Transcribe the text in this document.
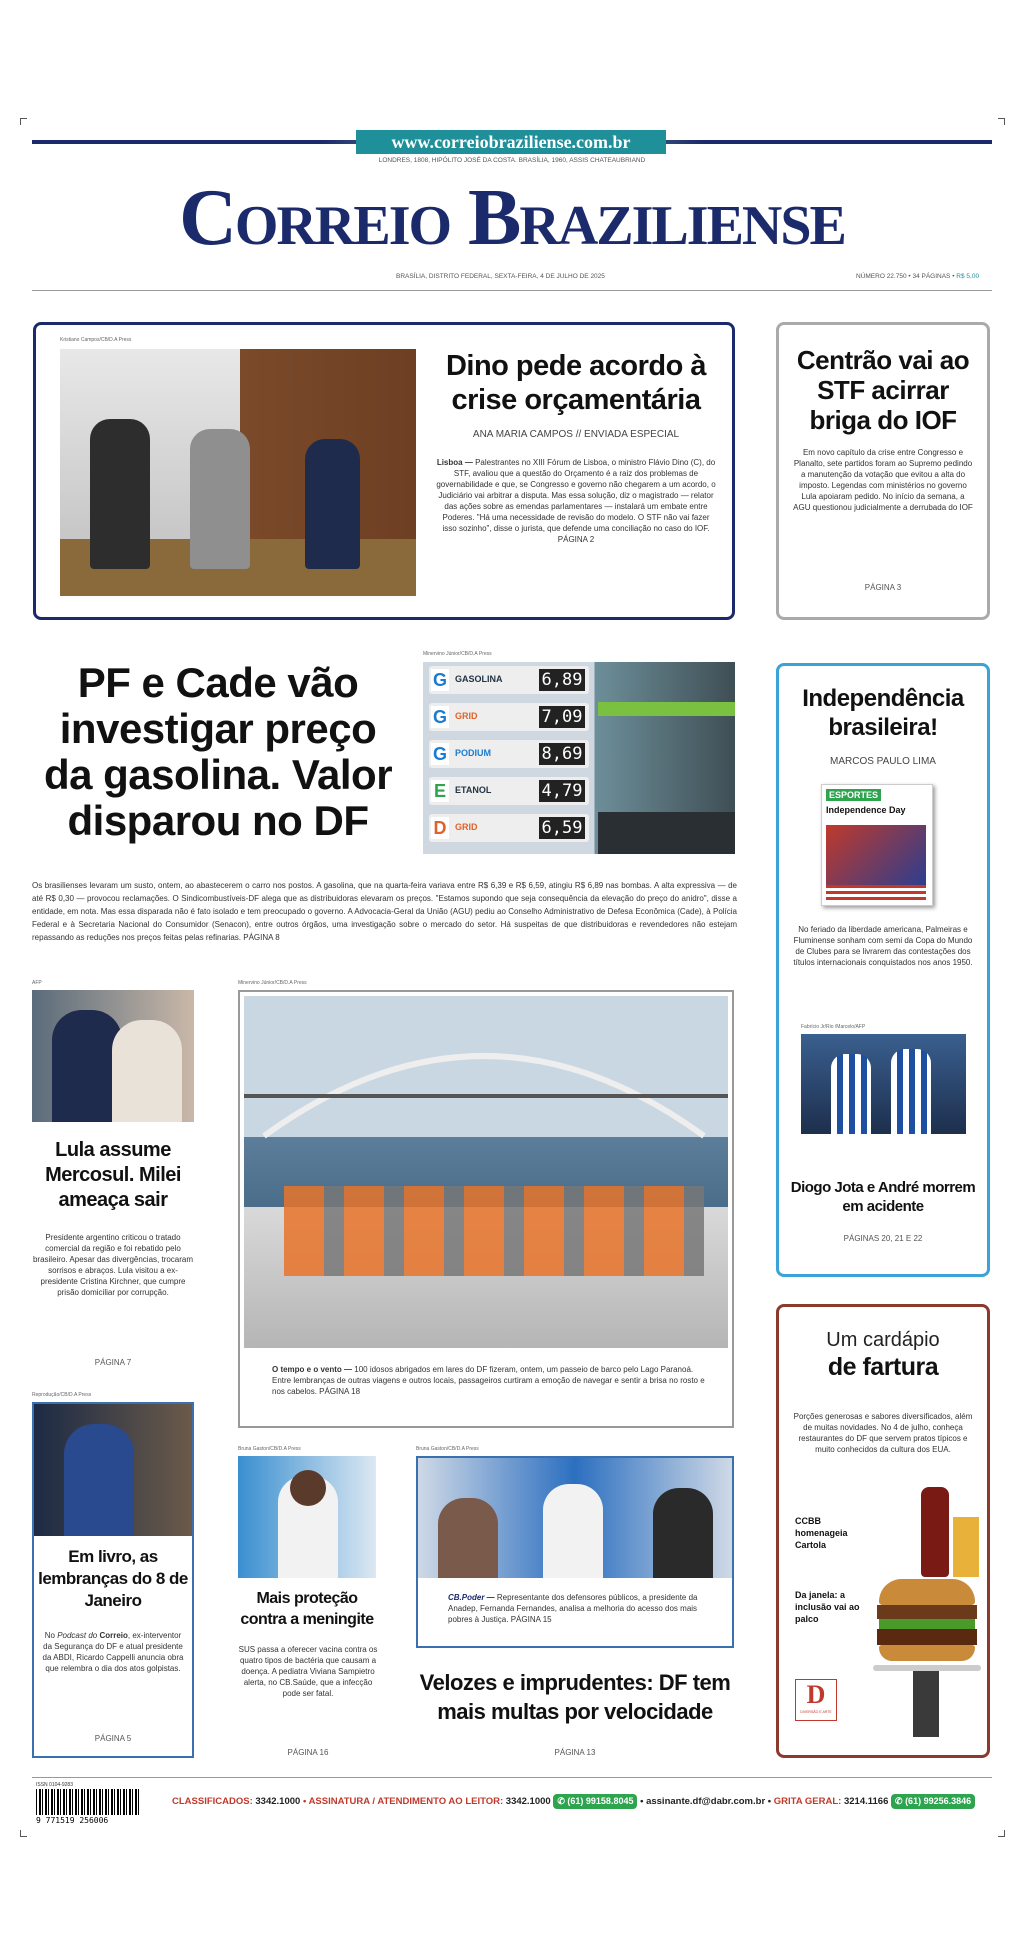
www.correiobraziliense.com.br
LONDRES, 1808, HIPÓLITO JOSÉ DA COSTA. BRASÍLIA, 1960, ASSIS CHATEAUBRIAND
Correio Braziliense
BRASÍLIA, DISTRITO FEDERAL, SEXTA-FEIRA, 4 DE JULHO DE 2025	NÚMERO 22.750 • 34 PÁGINAS • R$ 5,00
Kristiano Campos/CB/D.A Press
Dino pede acordo à crise orçamentária
ANA MARIA CAMPOS // ENVIADA ESPECIAL
Lisboa — Palestrantes no XIII Fórum de Lisboa, o ministro Flávio Dino (C), do STF, avaliou que a questão do Orçamento é a raiz dos problemas de governabilidade e que, se Congresso e governo não chegarem a um acordo, o Judiciário vai arbitrar a disputa. Mas essa solução, diz o magistrado — relator das ações sobre as emendas parlamentares — instalará um embate entre Poderes. "Há uma necessidade de revisão do modelo. O STF não vai fazer isso sozinho", disse o jurista, que defende uma conciliação no caso do IOF. PÁGINA 2
Centrão vai ao STF acirrar briga do IOF
Em novo capítulo da crise entre Congresso e Planalto, sete partidos foram ao Supremo pedindo a manutenção da votação que evitou a alta do imposto. Legendas com ministérios no governo Lula apoiaram pedido. No início da semana, a AGU questionou judicialmente a derrubada do IOF
PÁGINA 3
PF e Cade vão investigar preço da gasolina. Valor disparou no DF
Minervino Júnior/CB/D.A Press
G GASOLINA 6,89
G GRID	7,09
G PODIUM	8,69
E	ETANOL	4,79
D GRID	6,59
Os brasilienses levaram um susto, ontem, ao abastecerem o carro nos postos. A gasolina, que na quarta-feira variava entre R$ 6,39 e R$ 6,59, atingiu R$ 6,89 nas bombas. A alta expressiva — de até R$ 0,30 — provocou reclamações. O Sindicombustíveis-DF alega que as distribuidoras elevaram os preços. "Estamos supondo que seja consequência da elevação do preço do anidro", disse a entidade, em nota. Mas essa disparada não é fato isolado e tem preocupado o governo. A Advocacia-Geral da União (AGU) pediu ao Conselho Administrativo de Defesa Econômica (Cade), à Polícia Federal e à Secretaria Nacional do Consumidor (Senacon), entre outros órgãos, uma investigação sobre o mercado do setor. Há suspeitas de que distribuidoras e revendedores não estejam repassando as reduções nos preços feitas pelas refinarias. PÁGINA 8
Independência brasileira!
MARCOS PAULO LIMA
ESPORTES
Independence Day
No feriado da liberdade americana, Palmeiras e Fluminense sonham com semi da Copa do Mundo de Clubes para se livrarem das contestações dos títulos internacionais conquistados nos anos 1950.
Fabrício Jr/Rio /Marcelo/AFP
Diogo Jota e André morrem em acidente
PÁGINAS 20, 21 E 22
AFP
Lula assume Mercosul. Milei ameaça sair
Presidente argentino criticou o tratado comercial da região e foi rebatido pelo brasileiro. Apesar das divergências, trocaram sorrisos e abraços. Lula visitou a ex-presidente Cristina Kirchner, que cumpre prisão domiciliar por corrupção.
PÁGINA 7
Minervino Júnior/CB/D.A Press
O tempo e o vento — 100 idosos abrigados em lares do DF fizeram, ontem, um passeio de barco pelo Lago Paranoá. Entre lembranças de outras viagens e outros locais, passageiros curtiram a emoção de navegar e sentir a brisa no rosto e nos cabelos. PÁGINA 18
Reprodução/CB/D.A Press
Em livro, as lembranças do 8 de Janeiro
No Podcast do Correio, ex-interventor da Segurança do DF e atual presidente da ABDI, Ricardo Cappelli anuncia obra que relembra o dia dos atos golpistas.
PÁGINA 5
Bruna Gaston/CB/D.A Press
Mais proteção contra a meningite
SUS passa a oferecer vacina contra os quatro tipos de bactéria que causam a doença. A pediatra Viviana Sampietro alerta, no CB.Saúde, que a infecção pode ser fatal.
PÁGINA 16
Bruna Gaston/CB/D.A Press
CB.Poder — Representante dos defensores públicos, a presidente da Anadep, Fernanda Fernandes, analisa a melhoria do acesso dos mais pobres à Justiça. PÁGINA 15
Velozes e imprudentes: DF tem mais multas por velocidade
PÁGINA 13
Um cardápio
de fartura
Porções generosas e sabores diversificados, além de muitas novidades. No 4 de julho, conheça restaurantes do DF que servem pratos típicos e muito conhecidos da cultura dos EUA.
CCBB homenageia Cartola
Da janela: a inclusão vai ao palco
D
DIVERSÃO E ARTE
ISSN 0104-9283
9 771519 256006
CLASSIFICADOS: 3342.1000 • ASSINATURA / ATENDIMENTO AO LEITOR: 3342.1000 ✆ (61) 99158.8045 • assinante.df@dabr.com.br • GRITA GERAL: 3214.1166 ✆ (61) 99256.3846
